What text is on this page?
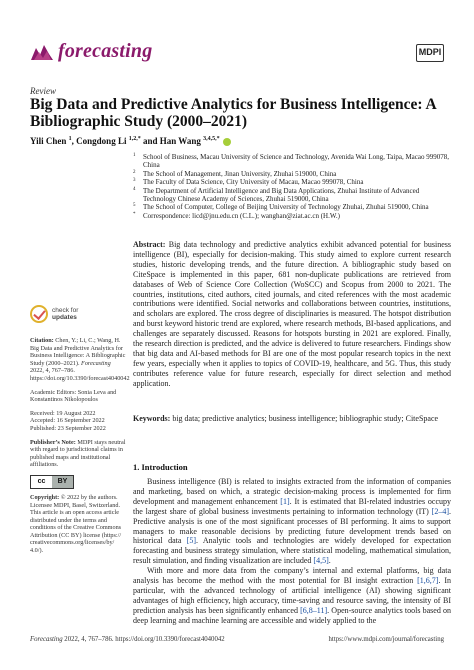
forecasting	MDPI
Review
Big Data and Predictive Analytics for Business Intelligence: A Bibliographic Study (2000–2021)
Yili Chen $^1$, Congdong Li $^{1,2,*}$ and Han Wang $^{3,4,5,*}$
1 School of Business, Macau University of Science and Technology, Avenida Wai Long, Taipa, Macao 999078, China
2 The School of Management, Jinan University, Zhuhai 519000, China
3 The Faculty of Data Science, City University of Macau, Macao 999078, China
4 The Department of Artificial Intelligence and Big Data Applications, Zhuhai Institute of Advanced Technology Chinese Academy of Sciences, Zhuhai 519000, China
5 The School of Computer, College of Beijing University of Technology Zhuhai, Zhuhai 519000, China
* Correspondence: licd@jnu.edu.cn (C.L.); wanghan@ziat.ac.cn (H.W.)
Abstract: Big data technology and predictive analytics exhibit advanced potential for business intelligence (BI), especially for decision-making. This study aimed to explore current research studies, historic developing trends, and the future direction. A bibliographic study based on CiteSpace is implemented in this paper, 681 non-duplicate publications are retrieved from databases of Web of Science Core Collection (WoSCC) and Scopus from 2000 to 2021. The countries, institutions, cited authors, cited journals, and cited references with the most academic contributions were identified. Social networks and collaborations between countries, institutions, and scholars are explored. The cross degree of disciplinaries is measured. The hotspot distribution and burst keyword historic trend are explored, where research methods, BI-based applications, and challenges are separately discussed. Reasons for hotspots bursting in 2021 are explored. Finally, the research direction is predicted, and the advice is delivered to future researchers. Findings show that big data and AI-based methods for BI are one of the most popular research topics in the next few years, especially when it applies to topics of COVID-19, healthcare, and 5G. Thus, this study contributes reference value for future research, especially for direct selection and method application.
Keywords: big data; predictive analytics; business intelligence; bibliographic study; CiteSpace
check for
updates
Citation: Chen, Y.; Li, C.; Wang, H. Big Data and Predictive Analytics for Business Intelligence: A Bibliographic Study (2000–2021). Forecasting 2022, 4, 767–786. https://doi.org/10.3390/forecast4040042
Academic Editors: Sonia Leva and Konstantinos Nikolopoulos
Received: 19 August 2022
Accepted: 16 September 2022
Published: 23 September 2022
Publisher’s Note: MDPI stays neutral with regard to jurisdictional claims in published maps and institutional affiliations.
cc	BY
Copyright: © 2022 by the authors. Licensee MDPI, Basel, Switzerland. This article is an open access article distributed under the terms and conditions of the Creative Commons Attribution (CC BY) license (https:// creativecommons.org/licenses/by/ 4.0/).
1. Introduction

Business intelligence (BI) is related to insights extracted from the information of companies and marketing, based on which, a strategic decision-making process is implemented for firm development and management enhancement [1]. It is estimated that BI-related industries occupy the largest share of global business investments pertaining to information technology (IT) [2–4]. Predictive analysis is one of the most significant processes of BI performing. It aims to support managers to make reasonable decisions by predicting future development trends based on historical data [5]. Analytic tools and technologies are widely developed for expectation forecasting and business strategy simulation, where statistical modeling, mathematical simulation, result simulation, and finding visualization are included [4,5].

With more and more data from the company’s internal and external platforms, big data analysis has become the method with the most potential for BI insight extraction [1,6,7]. In particular, with the advanced technology of artificial intelligence (AI) showing significant advantages of high efficiency, high accuracy, time-saving and resource saving, the intensity of BI prediction analysis has been significantly enhanced [6,8–11]. Open-source analytics tools based on deep learning and machine learning are accessible and widely applied to the

Forecasting 2022, 4, 767–786. https://doi.org/10.3390/forecast4040042	https://www.mdpi.com/journal/forecasting
